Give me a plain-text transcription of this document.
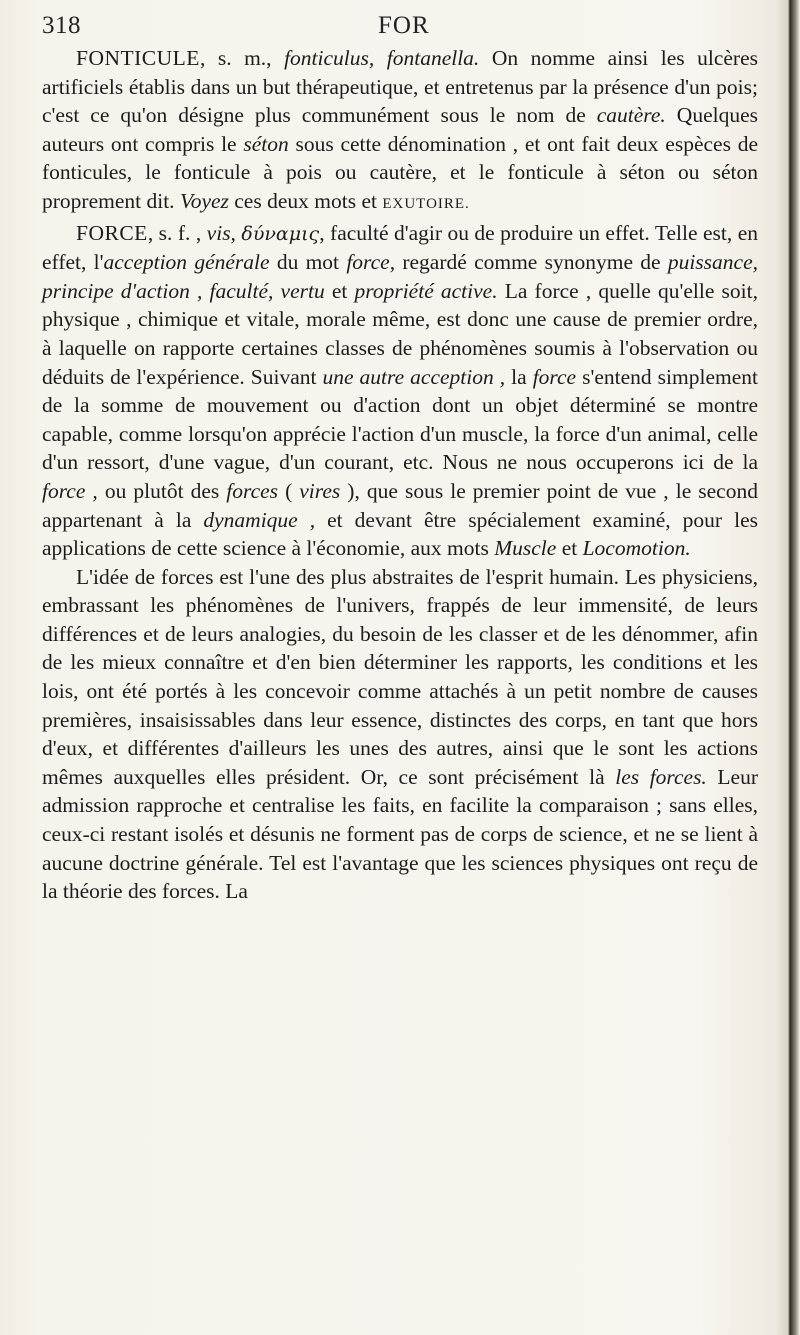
318	FOR

FONTICULE, s. m., fonticulus, fontanella. On nomme ainsi les ulcères artificiels établis dans un but thérapeutique, et entretenus par la présence d'un pois; c'est ce qu'on désigne plus communément sous le nom de cautère. Quelques auteurs ont compris le séton sous cette dénomination , et ont fait deux espèces de fonticules, le fonticule à pois ou cautère, et le fonticule à séton ou séton proprement dit. Voyez ces deux mots et EXUTOIRE.

FORCE, s. f. , vis, δύναμις, faculté d'agir ou de produire un effet. Telle est, en effet, l'acception générale du mot force, regardé comme synonyme de puissance, principe d'action , faculté, vertu et propriété active. La force , quelle qu'elle soit, physique , chimique et vitale, morale même, est donc une cause de premier ordre, à laquelle on rapporte certaines classes de phénomènes soumis à l'observation ou déduits de l'expérience. Suivant une autre acception , la force s'entend simplement de la somme de mouvement ou d'action dont un objet déterminé se montre capable, comme lorsqu'on apprécie l'action d'un muscle, la force d'un animal, celle d'un ressort, d'une vague, d'un courant, etc. Nous ne nous occuperons ici de la force , ou plutôt des forces ( vires ), que sous le premier point de vue , le second appartenant à la dynamique , et devant être spécialement examiné, pour les applications de cette science à l'économie, aux mots Muscle et Locomotion.

L'idée de forces est l'une des plus abstraites de l'esprit humain. Les physiciens, embrassant les phénomènes de l'univers, frappés de leur immensité, de leurs différences et de leurs analogies, du besoin de les classer et de les dénommer, afin de les mieux connaître et d'en bien déterminer les rapports, les conditions et les lois, ont été portés à les concevoir comme attachés à un petit nombre de causes premières, insaisissables dans leur essence, distinctes des corps, en tant que hors d'eux, et différentes d'ailleurs les unes des autres, ainsi que le sont les actions mêmes auxquelles elles président. Or, ce sont précisément là les forces. Leur admission rapproche et centralise les faits, en facilite la comparaison ; sans elles, ceux-ci restant isolés et désunis ne forment pas de corps de science, et ne se lient à aucune doctrine générale. Tel est l'avantage que les sciences physiques ont reçu de la théorie des forces. La
